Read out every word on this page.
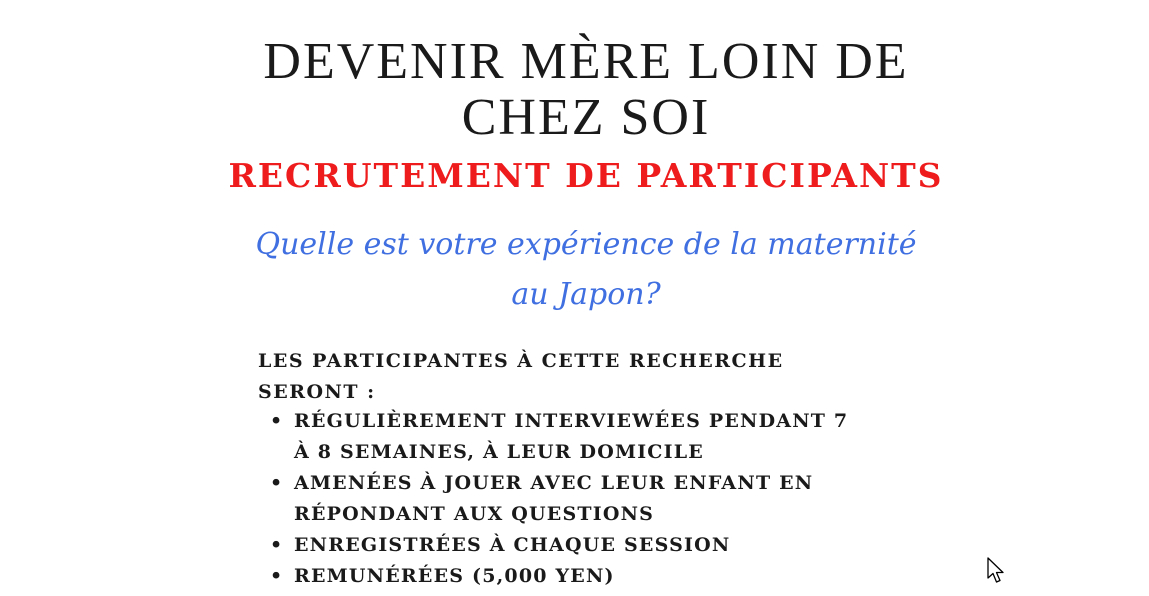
DEVENIR MÈRE LOIN DE
CHEZ SOI
RECRUTEMENT DE PARTICIPANTS

Quelle est votre expérience de la maternité
au Japon?

LES PARTICIPANTES À CETTE RECHERCHE
SERONT :

• RÉGULIÈREMENT INTERVIEWÉES PENDANT 7
À 8 SEMAINES, À LEUR DOMICILE
• AMENÉES À JOUER AVEC LEUR ENFANT EN
RÉPONDANT AUX QUESTIONS
• ENREGISTRÉES À CHAQUE SESSION
• REMUNÉRÉES (5,000 YEN)
